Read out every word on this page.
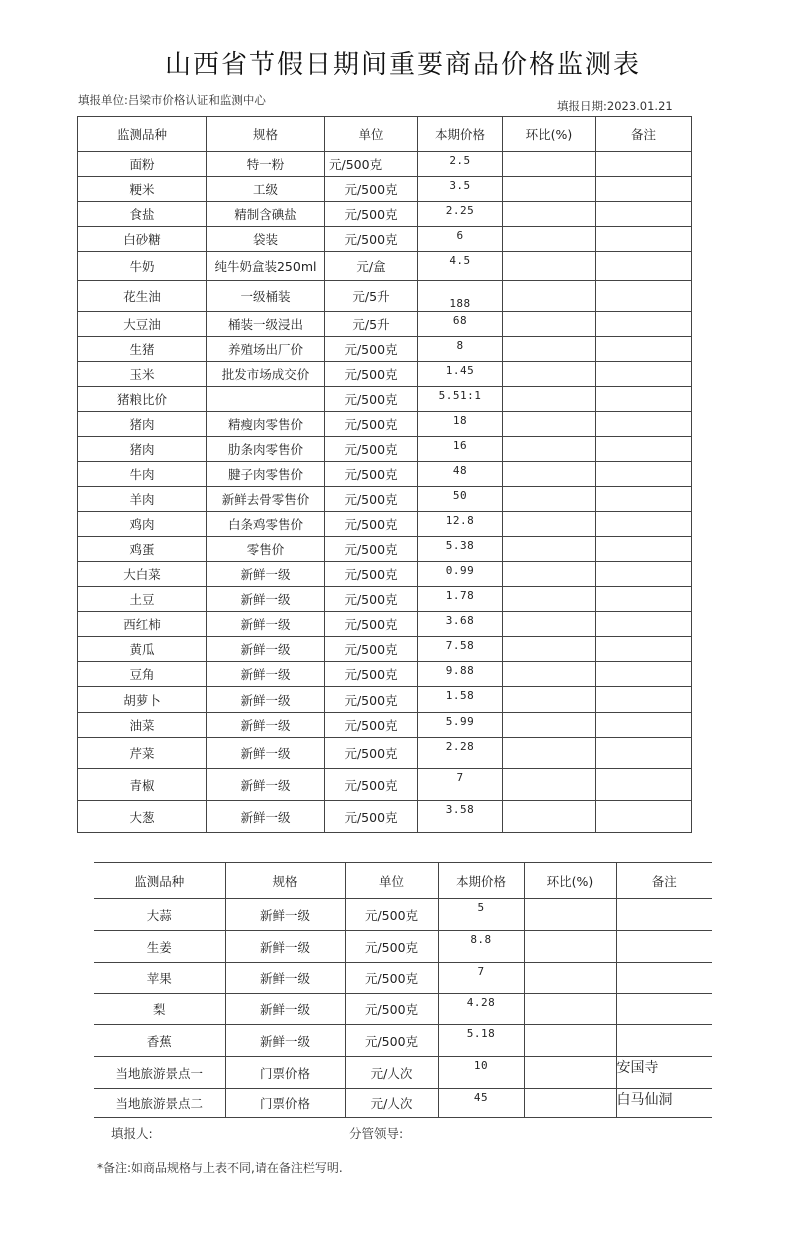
山西省节假日期间重要商品价格监测表
填报单位:吕梁市价格认证和监测中心	填报日期:2023.01.21
监测品种	规格	单位	本期价格	环比(%)	备注
面粉	特一粉	元/500克	2.5		
粳米	工级	元/500克	3.5		
食盐	精制含碘盐	元/500克	2.25		
白砂糖	袋装	元/500克	6		
牛奶	纯牛奶盒装250ml	元/盒	4.5		
花生油	一级桶装	元/5升	188		
大豆油	桶装一级浸出	元/5升	68		
生猪	养殖场出厂价	元/500克	8		
玉米	批发市场成交价	元/500克	1.45		
猪粮比价		元/500克	5.51:1		
猪肉	精瘦肉零售价	元/500克	18		
猪肉	肋条肉零售价	元/500克	16		
牛肉	腱子肉零售价	元/500克	48		
羊肉	新鲜去骨零售价	元/500克	50		
鸡肉	白条鸡零售价	元/500克	12.8		
鸡蛋	零售价	元/500克	5.38		
大白菜	新鲜一级	元/500克	0.99		
土豆	新鲜一级	元/500克	1.78		
西红柿	新鲜一级	元/500克	3.68		
黄瓜	新鲜一级	元/500克	7.58		
豆角	新鲜一级	元/500克	9.88		
胡萝卜	新鲜一级	元/500克	1.58		
油菜	新鲜一级	元/500克	5.99		
芹菜	新鲜一级	元/500克	2.28		
青椒	新鲜一级	元/500克	7		
大葱	新鲜一级	元/500克	3.58		
监测品种	规格	单位	本期价格	环比(%)	备注
大蒜	新鲜一级	元/500克	5		
生姜	新鲜一级	元/500克	8.8		
苹果	新鲜一级	元/500克	7		
梨	新鲜一级	元/500克	4.28		
香蕉	新鲜一级	元/500克	5.18		
当地旅游景点一	门票价格	元/人次	10		安国寺
当地旅游景点二	门票价格	元/人次	45		白马仙洞
填报人:	分管领导:
*备注:如商品规格与上表不同,请在备注栏写明.
